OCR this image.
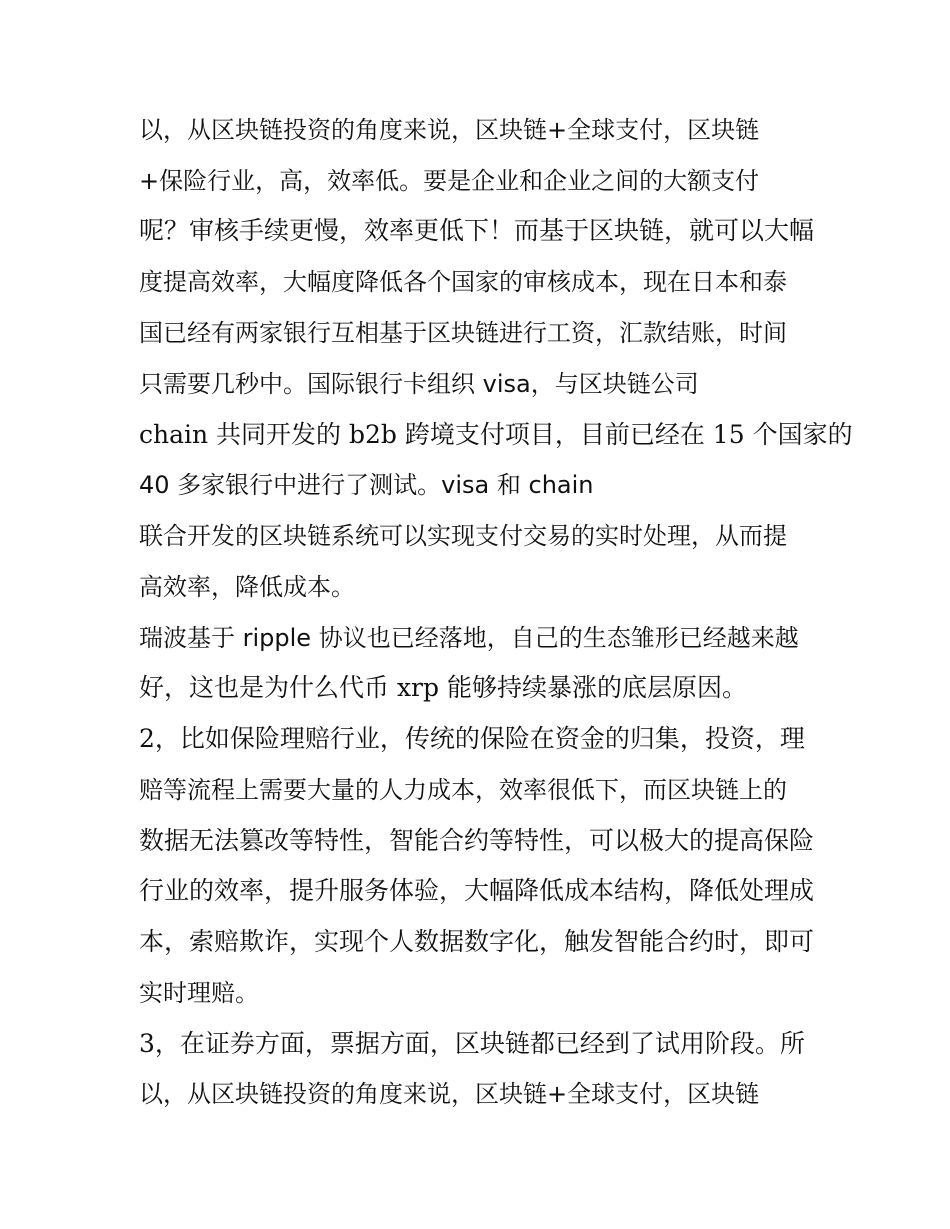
以，从区块链投资的角度来说，区块链+全球支付，区块链
+保险行业，高，效率低。要是企业和企业之间的大额支付
呢？审核手续更慢，效率更低下！而基于区块链，就可以大幅
度提高效率，大幅度降低各个国家的审核成本，现在日本和泰
国已经有两家银行互相基于区块链进行工资，汇款结账，时间
只需要几秒中。国际银行卡组织 visa，与区块链公司
chain 共同开发的 b2b 跨境支付项目，目前已经在 15 个国家的
40 多家银行中进行了测试。visa 和 chain
联合开发的区块链系统可以实现支付交易的实时处理，从而提
高效率，降低成本。
瑞波基于 ripple 协议也已经落地，自己的生态雏形已经越来越
好，这也是为什么代币 xrp 能够持续暴涨的底层原因。
2，比如保险理赔行业，传统的保险在资金的归集，投资，理
赔等流程上需要大量的人力成本，效率很低下，而区块链上的
数据无法篡改等特性，智能合约等特性，可以极大的提高保险
行业的效率，提升服务体验，大幅降低成本结构，降低处理成
本，索赔欺诈，实现个人数据数字化，触发智能合约时，即可
实时理赔。
3，在证券方面，票据方面，区块链都已经到了试用阶段。所
以，从区块链投资的角度来说，区块链+全球支付，区块链
